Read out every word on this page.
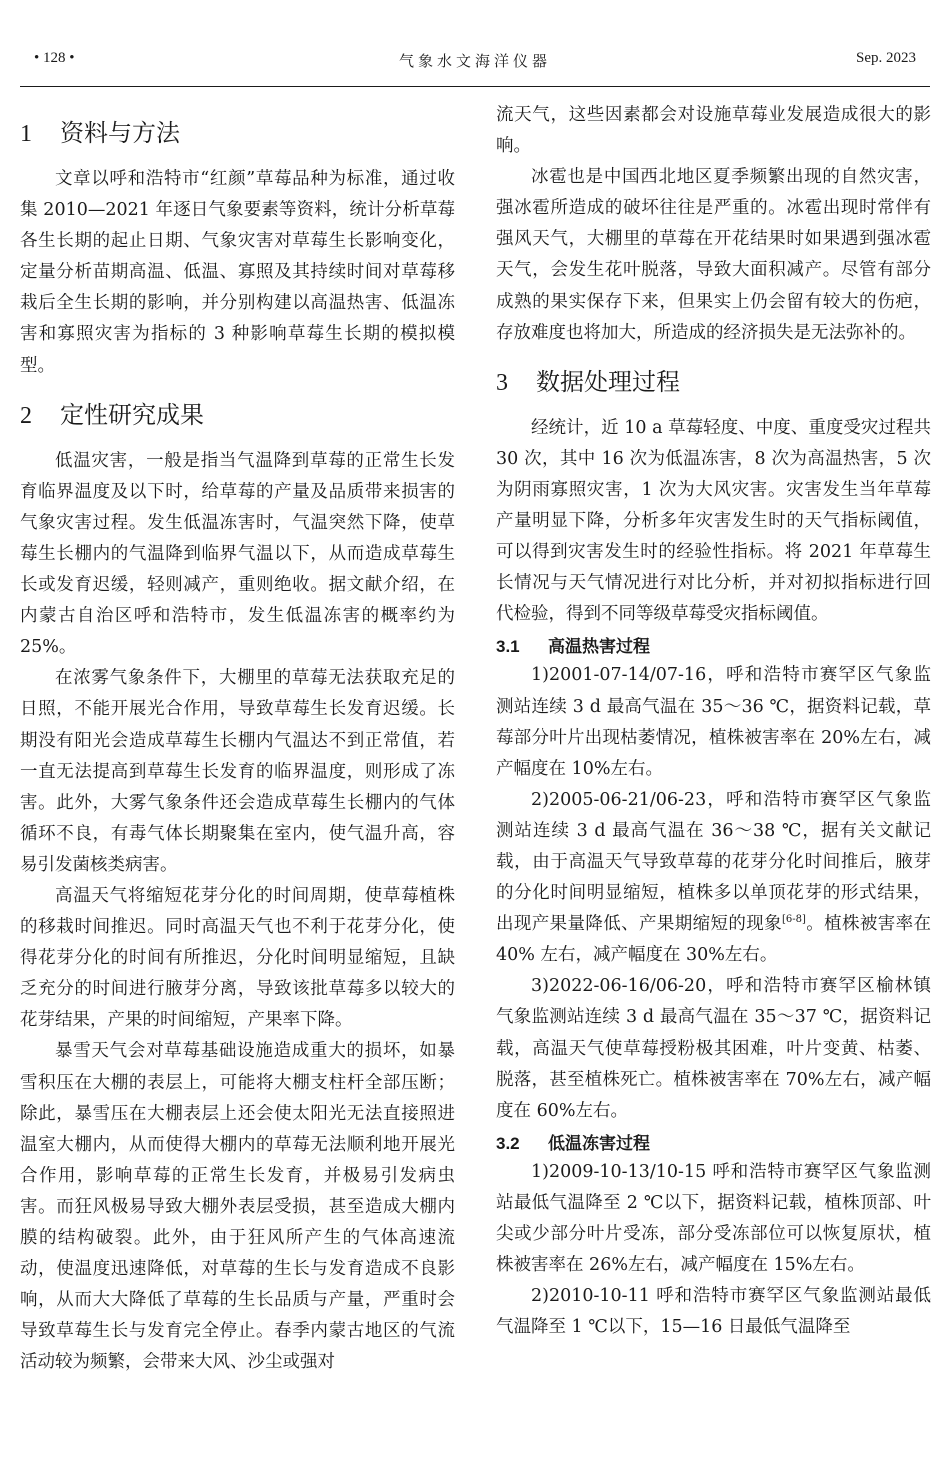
• 128 •	气象水文海洋仪器	Sep. 2023
1 资料与方法

文章以呼和浩特市“红颜”草莓品种为标准，通过收集 2010—2021 年逐日气象要素等资料，统计分析草莓各生长期的起止日期、气象灾害对草莓生长影响变化，定量分析苗期高温、低温、寡照及其持续时间对草莓移栽后全生长期的影响，并分别构建以高温热害、低温冻害和寡照灾害为指标的 3 种影响草莓生长期的模拟模型。

2 定性研究成果

低温灾害，一般是指当气温降到草莓的正常生长发育临界温度及以下时，给草莓的产量及品质带来损害的气象灾害过程。发生低温冻害时，气温突然下降，使草莓生长棚内的气温降到临界气温以下，从而造成草莓生长或发育迟缓，轻则减产，重则绝收。据文献介绍，在内蒙古自治区呼和浩特市，发生低温冻害的概率约为 25%。

在浓雾气象条件下，大棚里的草莓无法获取充足的日照，不能开展光合作用，导致草莓生长发育迟缓。长期没有阳光会造成草莓生长棚内气温达不到正常值，若一直无法提高到草莓生长发育的临界温度，则形成了冻害。此外，大雾气象条件还会造成草莓生长棚内的气体循环不良，有毒气体长期聚集在室内，使气温升高，容易引发菌核类病害。

高温天气将缩短花芽分化的时间周期，使草莓植株的移栽时间推迟。同时高温天气也不利于花芽分化，使得花芽分化的时间有所推迟，分化时间明显缩短，且缺乏充分的时间进行腋芽分离，导致该批草莓多以较大的花芽结果，产果的时间缩短，产果率下降。

暴雪天气会对草莓基础设施造成重大的损坏，如暴雪积压在大棚的表层上，可能将大棚支柱杆全部压断；除此，暴雪压在大棚表层上还会使太阳光无法直接照进温室大棚内，从而使得大棚内的草莓无法顺利地开展光合作用，影响草莓的正常生长发育，并极易引发病虫害。而狂风极易导致大棚外表层受损，甚至造成大棚内膜的结构破裂。此外，由于狂风所产生的气体高速流动，使温度迅速降低，对草莓的生长与发育造成不良影响，从而大大降低了草莓的生长品质与产量，严重时会导致草莓生长与发育完全停止。春季内蒙古地区的气流活动较为频繁，会带来大风、沙尘或强对

流天气，这些因素都会对设施草莓业发展造成很大的影响。

冰雹也是中国西北地区夏季频繁出现的自然灾害，强冰雹所造成的破坏往往是严重的。冰雹出现时常伴有强风天气，大棚里的草莓在开花结果时如果遇到强冰雹天气，会发生花叶脱落，导致大面积减产。尽管有部分成熟的果实保存下来，但果实上仍会留有较大的伤疤，存放难度也将加大，所造成的经济损失是无法弥补的。

3 数据处理过程

经统计，近 10 a 草莓轻度、中度、重度受灾过程共 30 次，其中 16 次为低温冻害，8 次为高温热害，5 次为阴雨寡照灾害，1 次为大风灾害。灾害发生当年草莓产量明显下降，分析多年灾害发生时的天气指标阈值，可以得到灾害发生时的经验性指标。将 2021 年草莓生长情况与天气情况进行对比分析，并对初拟指标进行回代检验，得到不同等级草莓受灾指标阈值。

3.1 高温热害过程

1)2001-07-14/07-16，呼和浩特市赛罕区气象监测站连续 3 d 最高气温在 35～36 ℃，据资料记载，草莓部分叶片出现枯萎情况，植株被害率在 20%左右，减产幅度在 10%左右。

2)2005-06-21/06-23，呼和浩特市赛罕区气象监测站连续 3 d 最高气温在 36～38 ℃，据有关文献记载，由于高温天气导致草莓的花芽分化时间推后，腋芽的分化时间明显缩短，植株多以单顶花芽的形式结果，出现产果量降低、产果期缩短的现象[6-8]。植株被害率在 40% 左右，减产幅度在 30%左右。

3)2022-06-16/06-20，呼和浩特市赛罕区榆林镇气象监测站连续 3 d 最高气温在 35～37 ℃，据资料记载，高温天气使草莓授粉极其困难，叶片变黄、枯萎、脱落，甚至植株死亡。植株被害率在 70%左右，减产幅度在 60%左右。

3.2 低温冻害过程

1)2009-10-13/10-15 呼和浩特市赛罕区气象监测站最低气温降至 2 ℃以下，据资料记载，植株顶部、叶尖或少部分叶片受冻，部分受冻部位可以恢复原状，植株被害率在 26%左右，减产幅度在 15%左右。

2)2010-10-11 呼和浩特市赛罕区气象监测站最低气温降至 1 ℃以下，15—16 日最低气温降至
